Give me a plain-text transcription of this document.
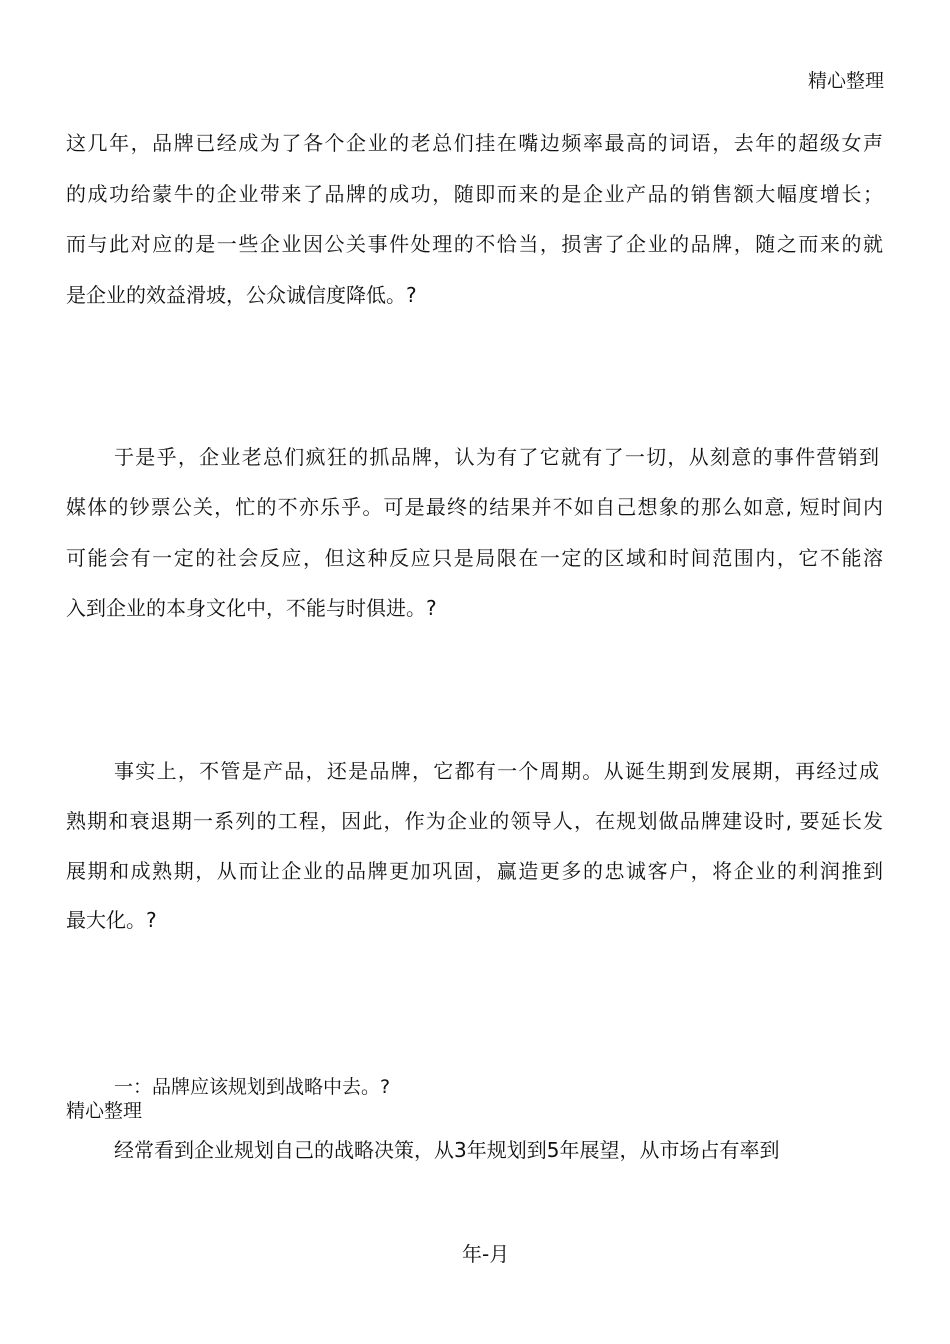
精心整理
这几年，品牌已经成为了各个企业的老总们挂在嘴边频率最高的词语，去年的超级女声
的成功给蒙牛的企业带来了品牌的成功，随即而来的是企业产品的销售额大幅度增长；
而与此对应的是一些企业因公关事件处理的不恰当，损害了企业的品牌，随之而来的就
是企业的效益滑坡，公众诚信度降低。?
于是乎，企业老总们疯狂的抓品牌，认为有了它就有了一切，从刻意的事件营销到
媒体的钞票公关，忙的不亦乐乎。可是最终的结果并不如自己想象的那么如意, 短时间内
可能会有一定的社会反应，但这种反应只是局限在一定的区域和时间范围内，它不能溶
入到企业的本身文化中，不能与时俱进。?
事实上，不管是产品，还是品牌，它都有一个周期。从诞生期到发展期，再经过成
熟期和衰退期一系列的工程，因此，作为企业的领导人，在规划做品牌建设时, 要延长发
展期和成熟期，从而让企业的品牌更加巩固，赢造更多的忠诚客户，将企业的利润推到
最大化。?
一：品牌应该规划到战略中去。?
精心整理
经常看到企业规划自己的战略决策，从3年规划到5年展望，从市场占有率到
年-月
